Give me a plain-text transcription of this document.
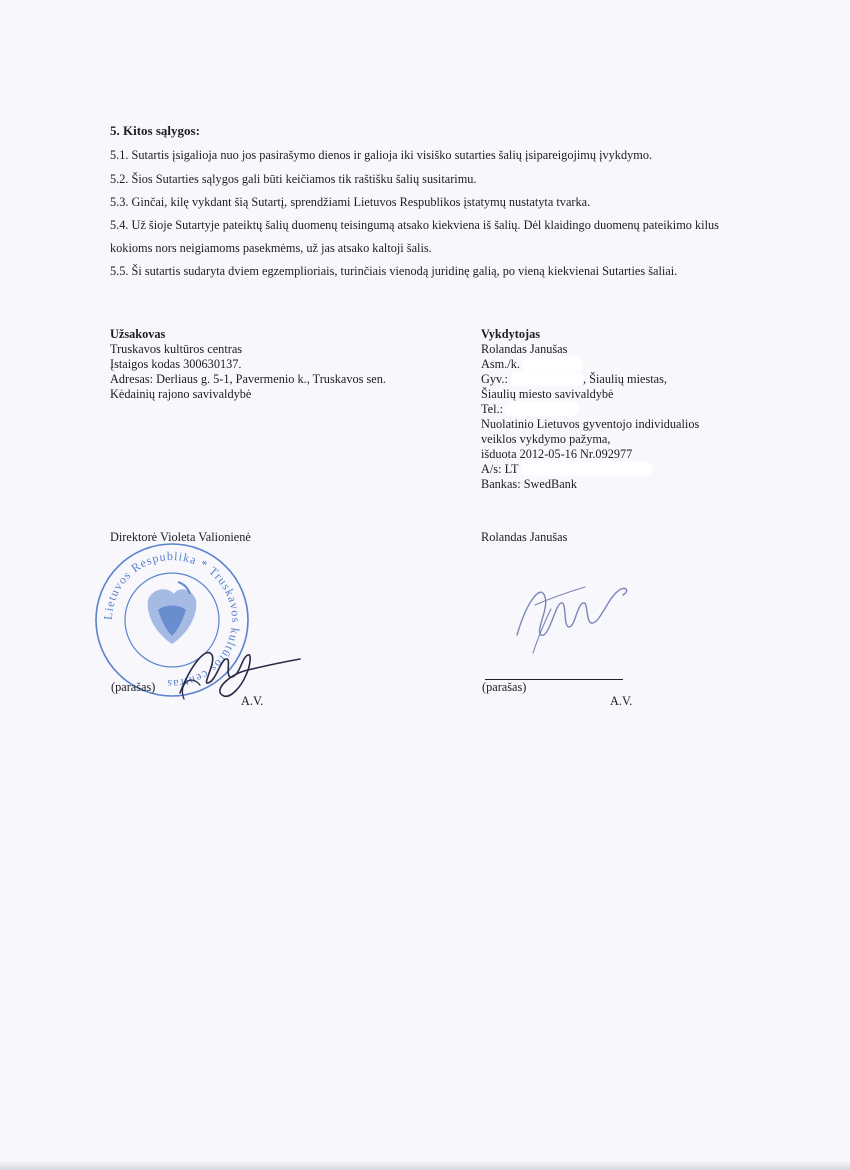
5. Kitos sąlygos:
5.1. Sutartis įsigalioja nuo jos pasirašymo dienos ir galioja iki visiško sutarties šalių įsipareigojimų įvykdymo.
5.2. Šios Sutarties sąlygos gali būti keičiamos tik raštišku šalių susitarimu.
5.3. Ginčai, kilę vykdant šią Sutartį, sprendžiami Lietuvos Respublikos įstatymų nustatyta tvarka.
5.4. Už šioje Sutartyje pateiktų šalių duomenų teisingumą atsako kiekviena iš šalių. Dėl klaidingo duomenų pateikimo kilus
kokioms nors neigiamoms pasekmėms, už jas atsako kaltoji šalis.
5.5. Ši sutartis sudaryta dviem egzemplioriais, turinčiais vienodą juridinę galią, po vieną kiekvienai Sutarties šaliai.
Užsakovas
Truskavos kultūros centras
Įstaigos kodas 300630137.
Adresas: Derliaus g. 5-1, Pavermenio k., Truskavos sen.
Kėdainių rajono savivaldybė
Vykdytojas
Rolandas Janušas
Asm./k.
Gyv.:	, Šiaulių miestas,
Šiaulių miesto savivaldybė
Tel.:
Nuolatinio Lietuvos gyventojo individualios
veiklos vykdymo pažyma,
išduota 2012-05-16 Nr.092977
A/s: LT
Bankas: SwedBank
Direktorė Violeta Valionienė	Rolandas Janušas
Lietuvos Respublika * Truskavos kultūros centras
(parašas)
A.V.
(parašas)
A.V.
